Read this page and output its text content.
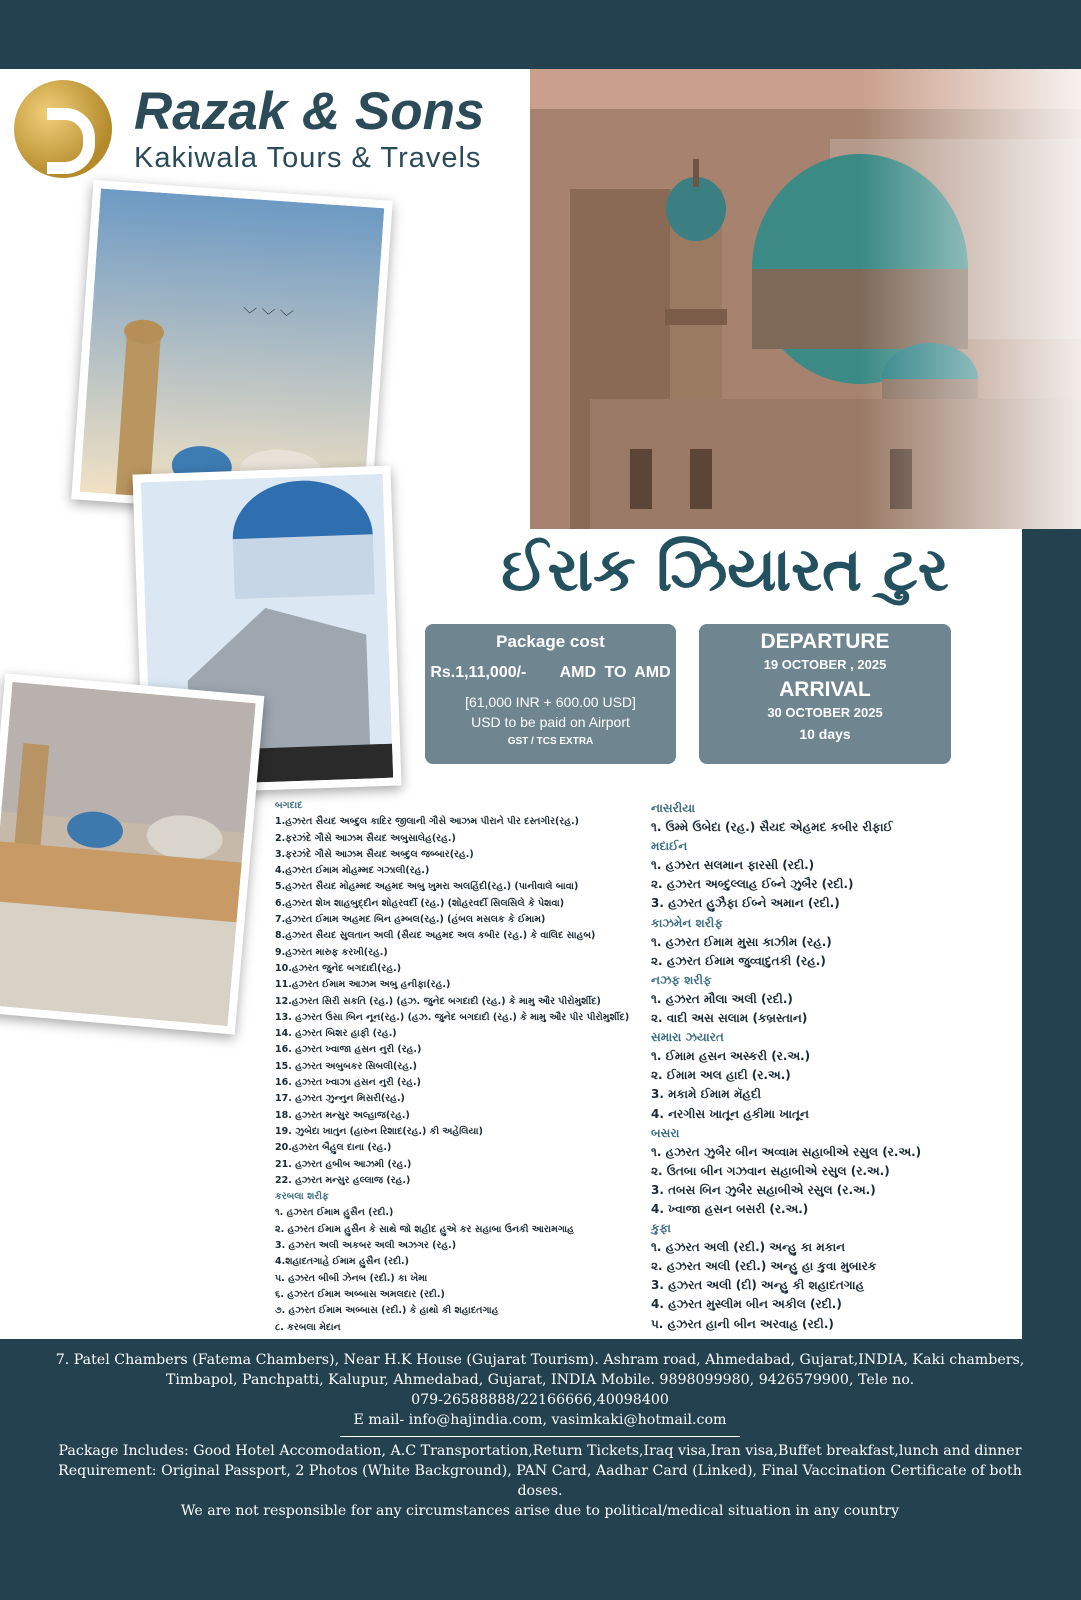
Razak & Sons
Kakiwala Tours & Travels
﹀ ﹀ ﹀
ઈરાક ઝિયારત ટુર
Package cost
Rs.1,11,000/- AMD TO AMD
[61,000 INR + 600.00 USD]
USD to be paid on Airport
GST / TCS EXTRA
DEPARTURE
19 OCTOBER , 2025
ARRIVAL
30 OCTOBER 2025
10 days
બગદાદ
1.હઝરત સૈયદ અબ્દુલ કાદિર જીલાની ગૌસે આઝમ પીરાને પીર દસ્તગીર(રહ.)
2.ફરઝંદે ગૌસે આઝમ સૈયદ અબુસાલેહ(રહ.)
3.ફરઝંદે ગૌસે આઝમ સૈયદ અબ્દુલ જબ્બાર(રહ.)
4.હઝરત ઈમામ મોહમ્મદ ગઝાલી(રહ.)
5.હઝરત સૈયદ મોહમ્મદ અહમદ અબુ ખુમરા અલહિંદી(રહ.) (પાનીવાલે બાવા)
6.હઝરત શેખ શાહબુદ્દીન શોહરવર્દી (રહ.) (શોહરવર્દી સિલસિલે કે પેશવા)
7.હઝરત ઈમામ અહમદ બિન હમ્બલ(રહ.) (હંબલ મસલક કે ઈમામ)
8.હઝરત સૈયદ સુલતાન અલી (સૈયદ અહમદ અલ કબીર (રહ.) કે વાલિદ સાહબ)
9.હઝરત મારુફ કરખી(રહ.)
10.હઝરત જુનેદ બગદાદી(રહ.)
11.હઝરત ઈમામ આઝમ અબુ હનીફા(રહ.)
12.હઝરત સિરી સકતિ (રહ.) (હઝ. જુનેદ બગદાદી (રહ.) કે મામુ ઔર પીરોમુર્શીદ)
13. હઝરત ઉસા બિન નૂન(રહ.) (હઝ. જુનેદ બગદાદી (રહ.) કે મામુ ઔર પીર પીરોમુર્શીદ)
14. હઝરત બિશર હાફી (રહ.)
16. હઝરત ખ્વાજા હસન નુરી (રહ.)
15. હઝરત અબુબકર સિબલી(રહ.)
16. હઝરત ખ્વાઝા હસન નુરી (રહ.)
17. હઝરત ઝુન્નુન મિસરી(રહ.)
18. હઝરત મન્સુર અલ્હાજ(રહ.)
19. ઝુબેદા ખાતુન (હારુન રિશાદ(રહ.) કી અહેલિયા)
20.હઝરત બૈહુલ દાના (રહ.)
21. હઝરત હબીબ આઝમી (રહ.)
22. હઝરત મન્સુર હલ્લાજ (રહ.)
કરબલા શરીફ
૧. હઝરત ઈમામ હુસૈન (રદી.)
૨. હઝરત ઈમામ હુસૈન કે સાથે જો શહીદ હુએ કર સહાબા ઉનકી આરામગાહ
3. હઝરત અલી અકબર અલી અઝગર (રહ.)
4.શહાદતગાહે ઈમામ હુસૈન (રદી.)
પ. હઝરત બીબી ઝેનબ (રદી.) કા ખેમા
૬. હઝરત ઈમામ અબ્બાસ અમલદાર (રદી.)
૭. હઝરત ઈમામ અબ્બાસ (રદી.) કે હાથો કી શહાદતગાહ
૮. કરબલા મેદાન
નાસરીયા
૧. ઉમ્મે ઉબેદા (રહ.) સૈયદ એહમદ કબીર રીફાઈ
મદાઈન
૧. હઝરત સલમાન ફારસી (રદી.)
૨. હઝરત અબ્દુલ્લાહ ઈબ્ને ઝુબૈર (રદી.)
3. હઝરત હુઝૈફા ઈબ્ને અમાન (રદી.)
કાઝમેન શરીફ
૧. હઝરત ઈમામ મુસા કાઝીમ (રહ.)
૨. હઝરત ઈમામ જુવ્વાદુતકી (રહ.)
નઝફ શરીફ
૧. હઝરત મૌલા અલી (રદી.)
૨. વાદી અસ સલામ (કબ્રસ્તાન)
સમારા ઝયારત
૧. ઈમામ હસન અસ્કરી (ર.અ.)
૨. ઈમામ અલ હાદી (ર.અ.)
3. મકામે ઈમામ મૅહદી
4. નરગીસ ખાતૂન હકીમા ખાતૂન
બસરા
૧. હઝરત ઝુબૈર બીન અવ્વામ સહાબીએ રસુલ (ર.અ.)
૨. ઉતબા બીન ગઝવાન સહાબીએ રસુલ (ર.અ.)
3. તબસ બિન ઝુબૈર સહાબીએ રસુલ (ર.અ.)
4. ખ્વાજા હસન બસરી (ર.અ.)
કુફા
૧. હઝરત અલી (રદી.) અન્હુ કા મકાન
૨. હઝરત અલી (રદી.) અન્હુ હા કુવા મુબારક
3. હઝરત અલી (દી) અન્હુ કી શહાદતગાહ
4. હઝરત મુસ્લીમ બીન અકીલ (રદી.)
પ. હઝરત હાની બીન અરવાહ (રદી.)
7. Patel Chambers (Fatema Chambers), Near H.K House (Gujarat Tourism). Ashram road, Ahmedabad, Gujarat,INDIA, Kaki chambers,
Timbapol, Panchpatti, Kalupur, Ahmedabad, Gujarat, INDIA Mobile. 9898099980, 9426579900, Tele no.
079-26588888/22166666,40098400
E mail- info@hajindia.com, vasimkaki@hotmail.com
Package Includes: Good Hotel Accomodation, A.C Transportation,Return Tickets,Iraq visa,Iran visa,Buffet breakfast,lunch and dinner
Requirement: Original Passport, 2 Photos (White Background), PAN Card, Aadhar Card (Linked), Final Vaccination Certificate of both
doses.
We are not responsible for any circumstances arise due to political/medical situation in any country
